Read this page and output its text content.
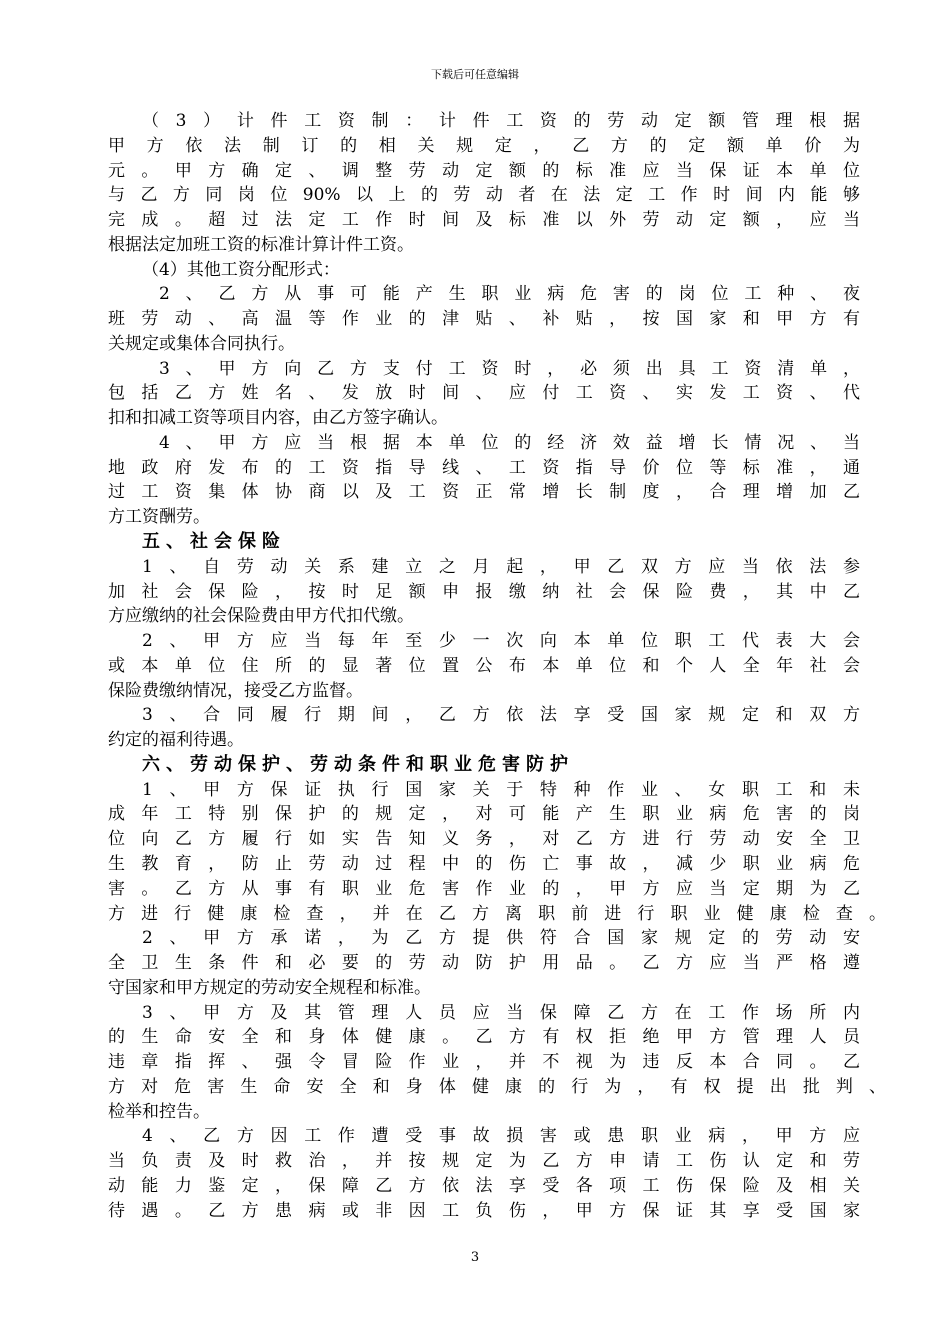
下载后可任意编辑
（3）计件工资制：计件工资的劳动定额管理根据
甲方依法制订的相关规定，乙方的定额单价为
元。甲方确定、调整劳动定额的标准应当保证本单位
与乙方同岗位90%以上的劳动者在法定工作时间内能够
完成。超过法定工作时间及标准以外劳动定额，应当
根据法定加班工资的标准计算计件工资。
（4）其他工资分配形式：
2、乙方从事可能产生职业病危害的岗位工种、夜
班劳动、高温等作业的津贴、补贴，按国家和甲方有
关规定或集体合同执行。
3、甲方向乙方支付工资时，必须出具工资清单，
包括乙方姓名、发放时间、应付工资、实发工资、代
扣和扣减工资等项目内容，由乙方签字确认。
4、甲方应当根据本单位的经济效益增长情况、当
地政府发布的工资指导线、工资指导价位等标准，通
过工资集体协商以及工资正常增长制度，合理增加乙
方工资酬劳。
五、社会保险
1、自劳动关系建立之月起，甲乙双方应当依法参
加社会保险，按时足额申报缴纳社会保险费，其中乙
方应缴纳的社会保险费由甲方代扣代缴。
2、甲方应当每年至少一次向本单位职工代表大会
或本单位住所的显著位置公布本单位和个人全年社会
保险费缴纳情况，接受乙方监督。
3、合同履行期间，乙方依法享受国家规定和双方
约定的福利待遇。
六、劳动保护、劳动条件和职业危害防护
1、甲方保证执行国家关于特种作业、女职工和未
成年工特别保护的规定，对可能产生职业病危害的岗
位向乙方履行如实告知义务，对乙方进行劳动安全卫
生教育，防止劳动过程中的伤亡事故，减少职业病危
害。乙方从事有职业危害作业的，甲方应当定期为乙
方进行健康检查，并在乙方离职前进行职业健康检查。
2、甲方承诺，为乙方提供符合国家规定的劳动安
全卫生条件和必要的劳动防护用品。乙方应当严格遵
守国家和甲方规定的劳动安全规程和标准。
3、甲方及其管理人员应当保障乙方在工作场所内
的生命安全和身体健康。乙方有权拒绝甲方管理人员
违章指挥、强令冒险作业，并不视为违反本合同。乙
方对危害生命安全和身体健康的行为，有权提出批判、
检举和控告。
4、乙方因工作遭受事故损害或患职业病，甲方应
当负责及时救治，并按规定为乙方申请工伤认定和劳
动能力鉴定，保障乙方依法享受各项工伤保险及相关
待遇。乙方患病或非因工负伤，甲方保证其享受国家
3
